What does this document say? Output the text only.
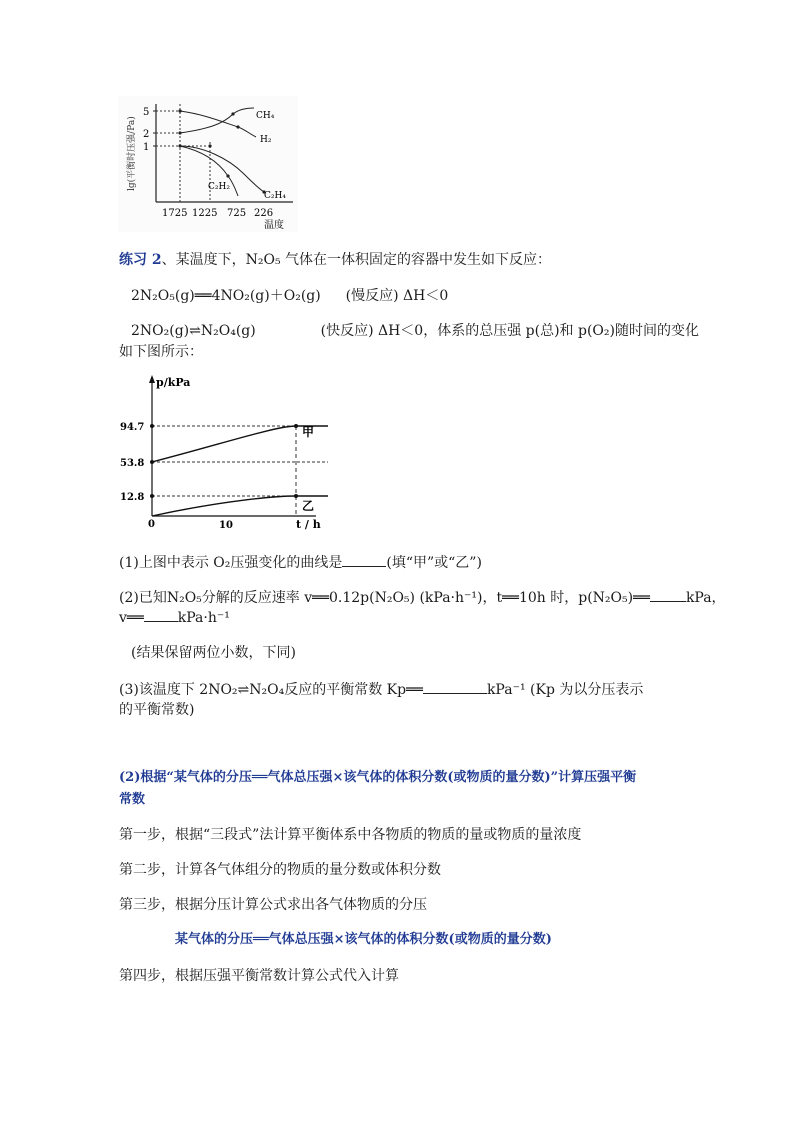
lg(平衡时压强/Pa)
5
2
1
CH₄
H₂
C₂H₂
C₂H₄
1725 1225 725 226
温度
练习 2、某温度下，N₂O₅ 气体在一体积固定的容器中发生如下反应：
2N₂O₅(g)══4NO₂(g)＋O₂(g) (慢反应) ΔH＜0
2NO₂(g)⇌N₂O₄(g)	(快反应) ΔH＜0，体系的总压强 p(总)和 p(O₂)随时间的变化
如下图所示：
p/kPa
t / h
94.7
53.8
12.8
0	10
甲
乙
(1)上图中表示 O₂压强变化的曲线是	(填“甲”或“乙”)
(2)已知N₂O₅分解的反应速率 v══0.12p(N₂O₅) (kPa·h⁻¹)，t══10h 时，p(N₂O₅)══	kPa，
v══ kPa·h⁻¹
(结果保留两位小数，下同)
(3)该温度下 2NO₂⇌N₂O₄反应的平衡常数 Kp══	kPa⁻¹ (Kp 为以分压表示
的平衡常数)
(2)根据“某气体的分压══气体总压强×该气体的体积分数(或物质的量分数)”计算压强平衡
常数
第一步，根据“三段式”法计算平衡体系中各物质的物质的量或物质的量浓度
第二步，计算各气体组分的物质的量分数或体积分数
第三步，根据分压计算公式求出各气体物质的分压
某气体的分压══气体总压强×该气体的体积分数(或物质的量分数)
第四步，根据压强平衡常数计算公式代入计算
